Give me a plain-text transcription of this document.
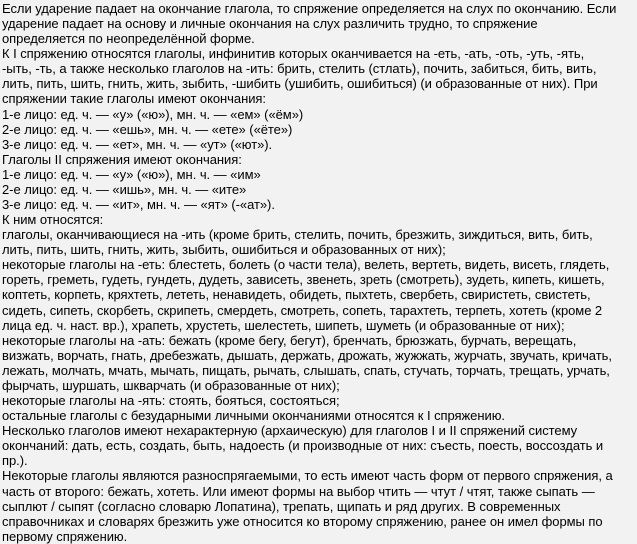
Если ударение падает на окончание глагола, то спряжение определяется на слух по окончанию. Если
ударение падает на основу и личные окончания на слух различить трудно, то спряжение
определяется по неопределённой форме.
К I спряжению относятся глаголы, инфинитив которых оканчивается на -еть, -ать, -оть, -уть, -ять,
-ыть, -ть, а также несколько глаголов на -ить: брить, стелить (стлать), почить, забиться, бить, вить,
лить, пить, шить, гнить, жить, зыбить, -шибить (ушибить, ошибиться) (и образованные от них). При
спряжении такие глаголы имеют окончания:
1-е лицо: ед. ч. — «у» («ю»), мн. ч. — «ем» («ём»)
2-е лицо: ед. ч. — «ешь», мн. ч. — «ете» («ёте»)
3-е лицо: ед. ч. — «ет», мн. ч. — «ут» («ют»).
Глаголы II спряжения имеют окончания:
1-е лицо: ед. ч. — «у» («ю»), мн. ч. — «им»
2-е лицо: ед. ч. — «ишь», мн. ч. — «ите»
3-е лицо: ед. ч. — «ит», мн. ч. — «ят» (-«ат»).
К ним относятся:
глаголы, оканчивающиеся на -ить (кроме брить, стелить, почить, брезжить, зиждиться, вить, бить,
лить, пить, шить, гнить, жить, зыбить, ошибиться и образованных от них);
некоторые глаголы на -еть: блестеть, болеть (о части тела), велеть, вертеть, видеть, висеть, глядеть,
гореть, греметь, гудеть, гундеть, дудеть, зависеть, звенеть, зреть (смотреть), зудеть, кипеть, кишеть,
коптеть, корпеть, кряхтеть, лететь, ненавидеть, обидеть, пыхтеть, свербеть, свиристеть, свистеть,
сидеть, сипеть, скорбеть, скрипеть, смердеть, смотреть, сопеть, тарахтеть, терпеть, хотеть (кроме 2
лица ед. ч. наст. вр.), храпеть, хрустеть, шелестеть, шипеть, шуметь (и образованные от них);
некоторые глаголы на -ать: бежать (кроме бегу, бегут), бренчать, брюзжать, бурчать, верещать,
визжать, ворчать, гнать, дребезжать, дышать, держать, дрожать, жужжать, журчать, звучать, кричать,
лежать, молчать, мчать, мычать, пищать, рычать, слышать, спать, стучать, торчать, трещать, урчать,
фырчать, шуршать, шкварчать (и образованные от них);
некоторые глаголы на -ять: стоять, бояться, состояться;
остальные глаголы с безударными личными окончаниями относятся к I спряжению.
Несколько глаголов имеют нехарактерную (архаическую) для глаголов I и II спряжений систему
окончаний: дать, есть, создать, быть, надоесть (и производные от них: съесть, поесть, воссоздать и
пр.).
Некоторые глаголы являются разноспрягаемыми, то есть имеют часть форм от первого спряжения, а
часть от второго: бежать, хотеть. Или имеют формы на выбор чтить — чтут / чтят, также сыпать —
сыплют / сыпят (согласно словарю Лопатина), трепать, щипать и ряд других. В современных
справочниках и словарях брезжить уже относится ко второму спряжению, ранее он имел формы по
первому спряжению.
